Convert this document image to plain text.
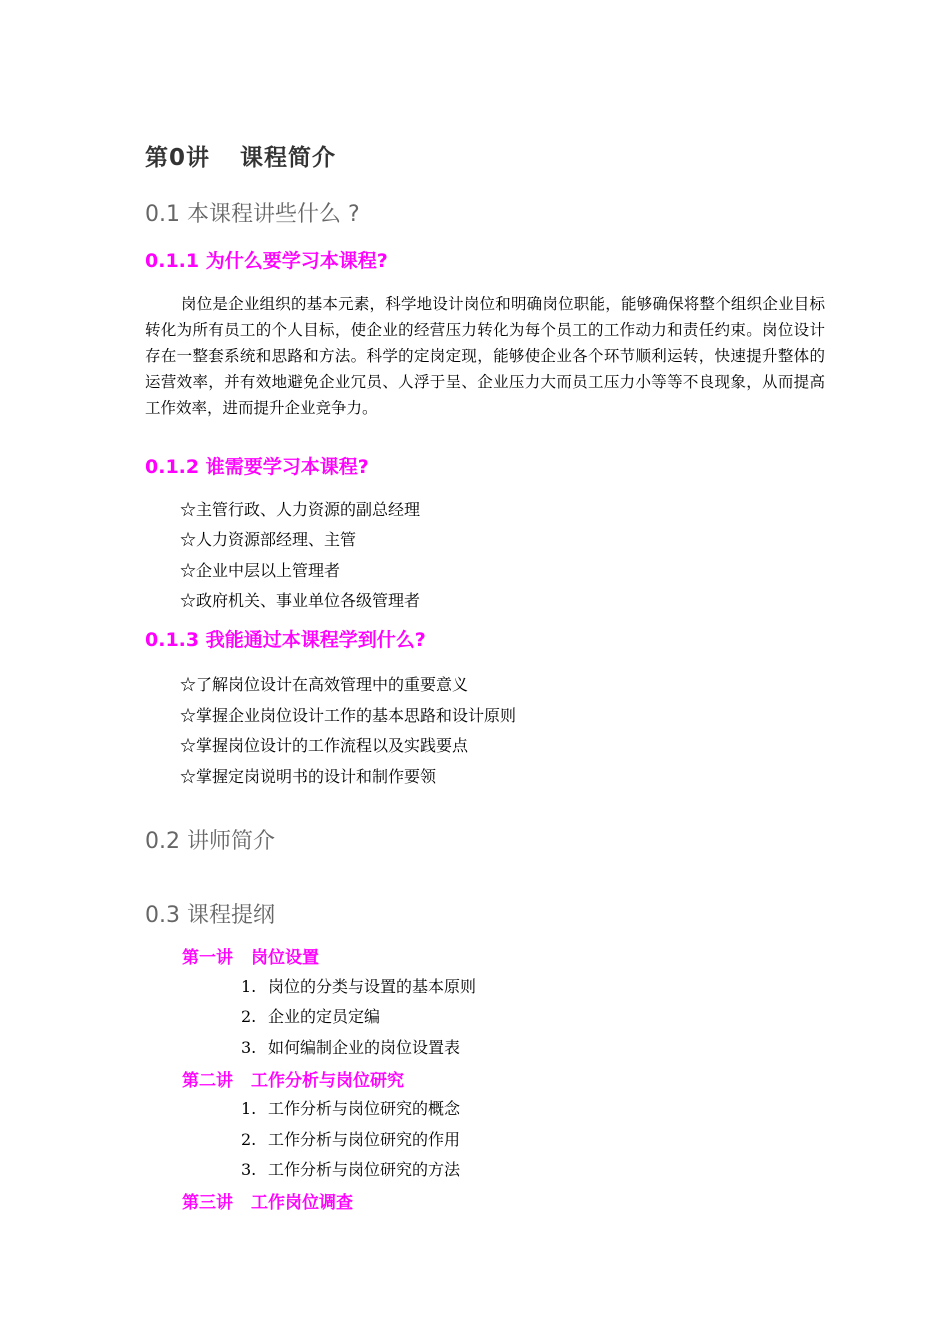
第0讲 课程简介
0.1 本课程讲些什么 ?
0.1.1 为什么要学习本课程?
岗位是企业组织的基本元素，科学地设计岗位和明确岗位职能，能够确保将整个组织企业目标转化为所有员工的个人目标，使企业的经营压力转化为每个员工的工作动力和责任约束。岗位设计存在一整套系统和思路和方法。科学的定岗定现，能够使企业各个环节顺利运转，快速提升整体的运营效率，并有效地避免企业冗员、人浮于呈、企业压力大而员工压力小等等不良现象，从而提高工作效率，进而提升企业竞争力。
0.1.2 谁需要学习本课程?
☆主管行政、人力资源的副总经理
☆人力资源部经理、主管
☆企业中层以上管理者
☆政府机关、事业单位各级管理者
0.1.3 我能通过本课程学到什么?
☆了解岗位设计在高效管理中的重要意义
☆掌握企业岗位设计工作的基本思路和设计原则
☆掌握岗位设计的工作流程以及实践要点
☆掌握定岗说明书的设计和制作要领
0.2 讲师简介
0.3 课程提纲
第一讲 岗位设置
1. 岗位的分类与设置的基本原则
2. 企业的定员定编
3. 如何编制企业的岗位设置表
第二讲 工作分析与岗位研究
1. 工作分析与岗位研究的概念
2. 工作分析与岗位研究的作用
3. 工作分析与岗位研究的方法
第三讲 工作岗位调查
